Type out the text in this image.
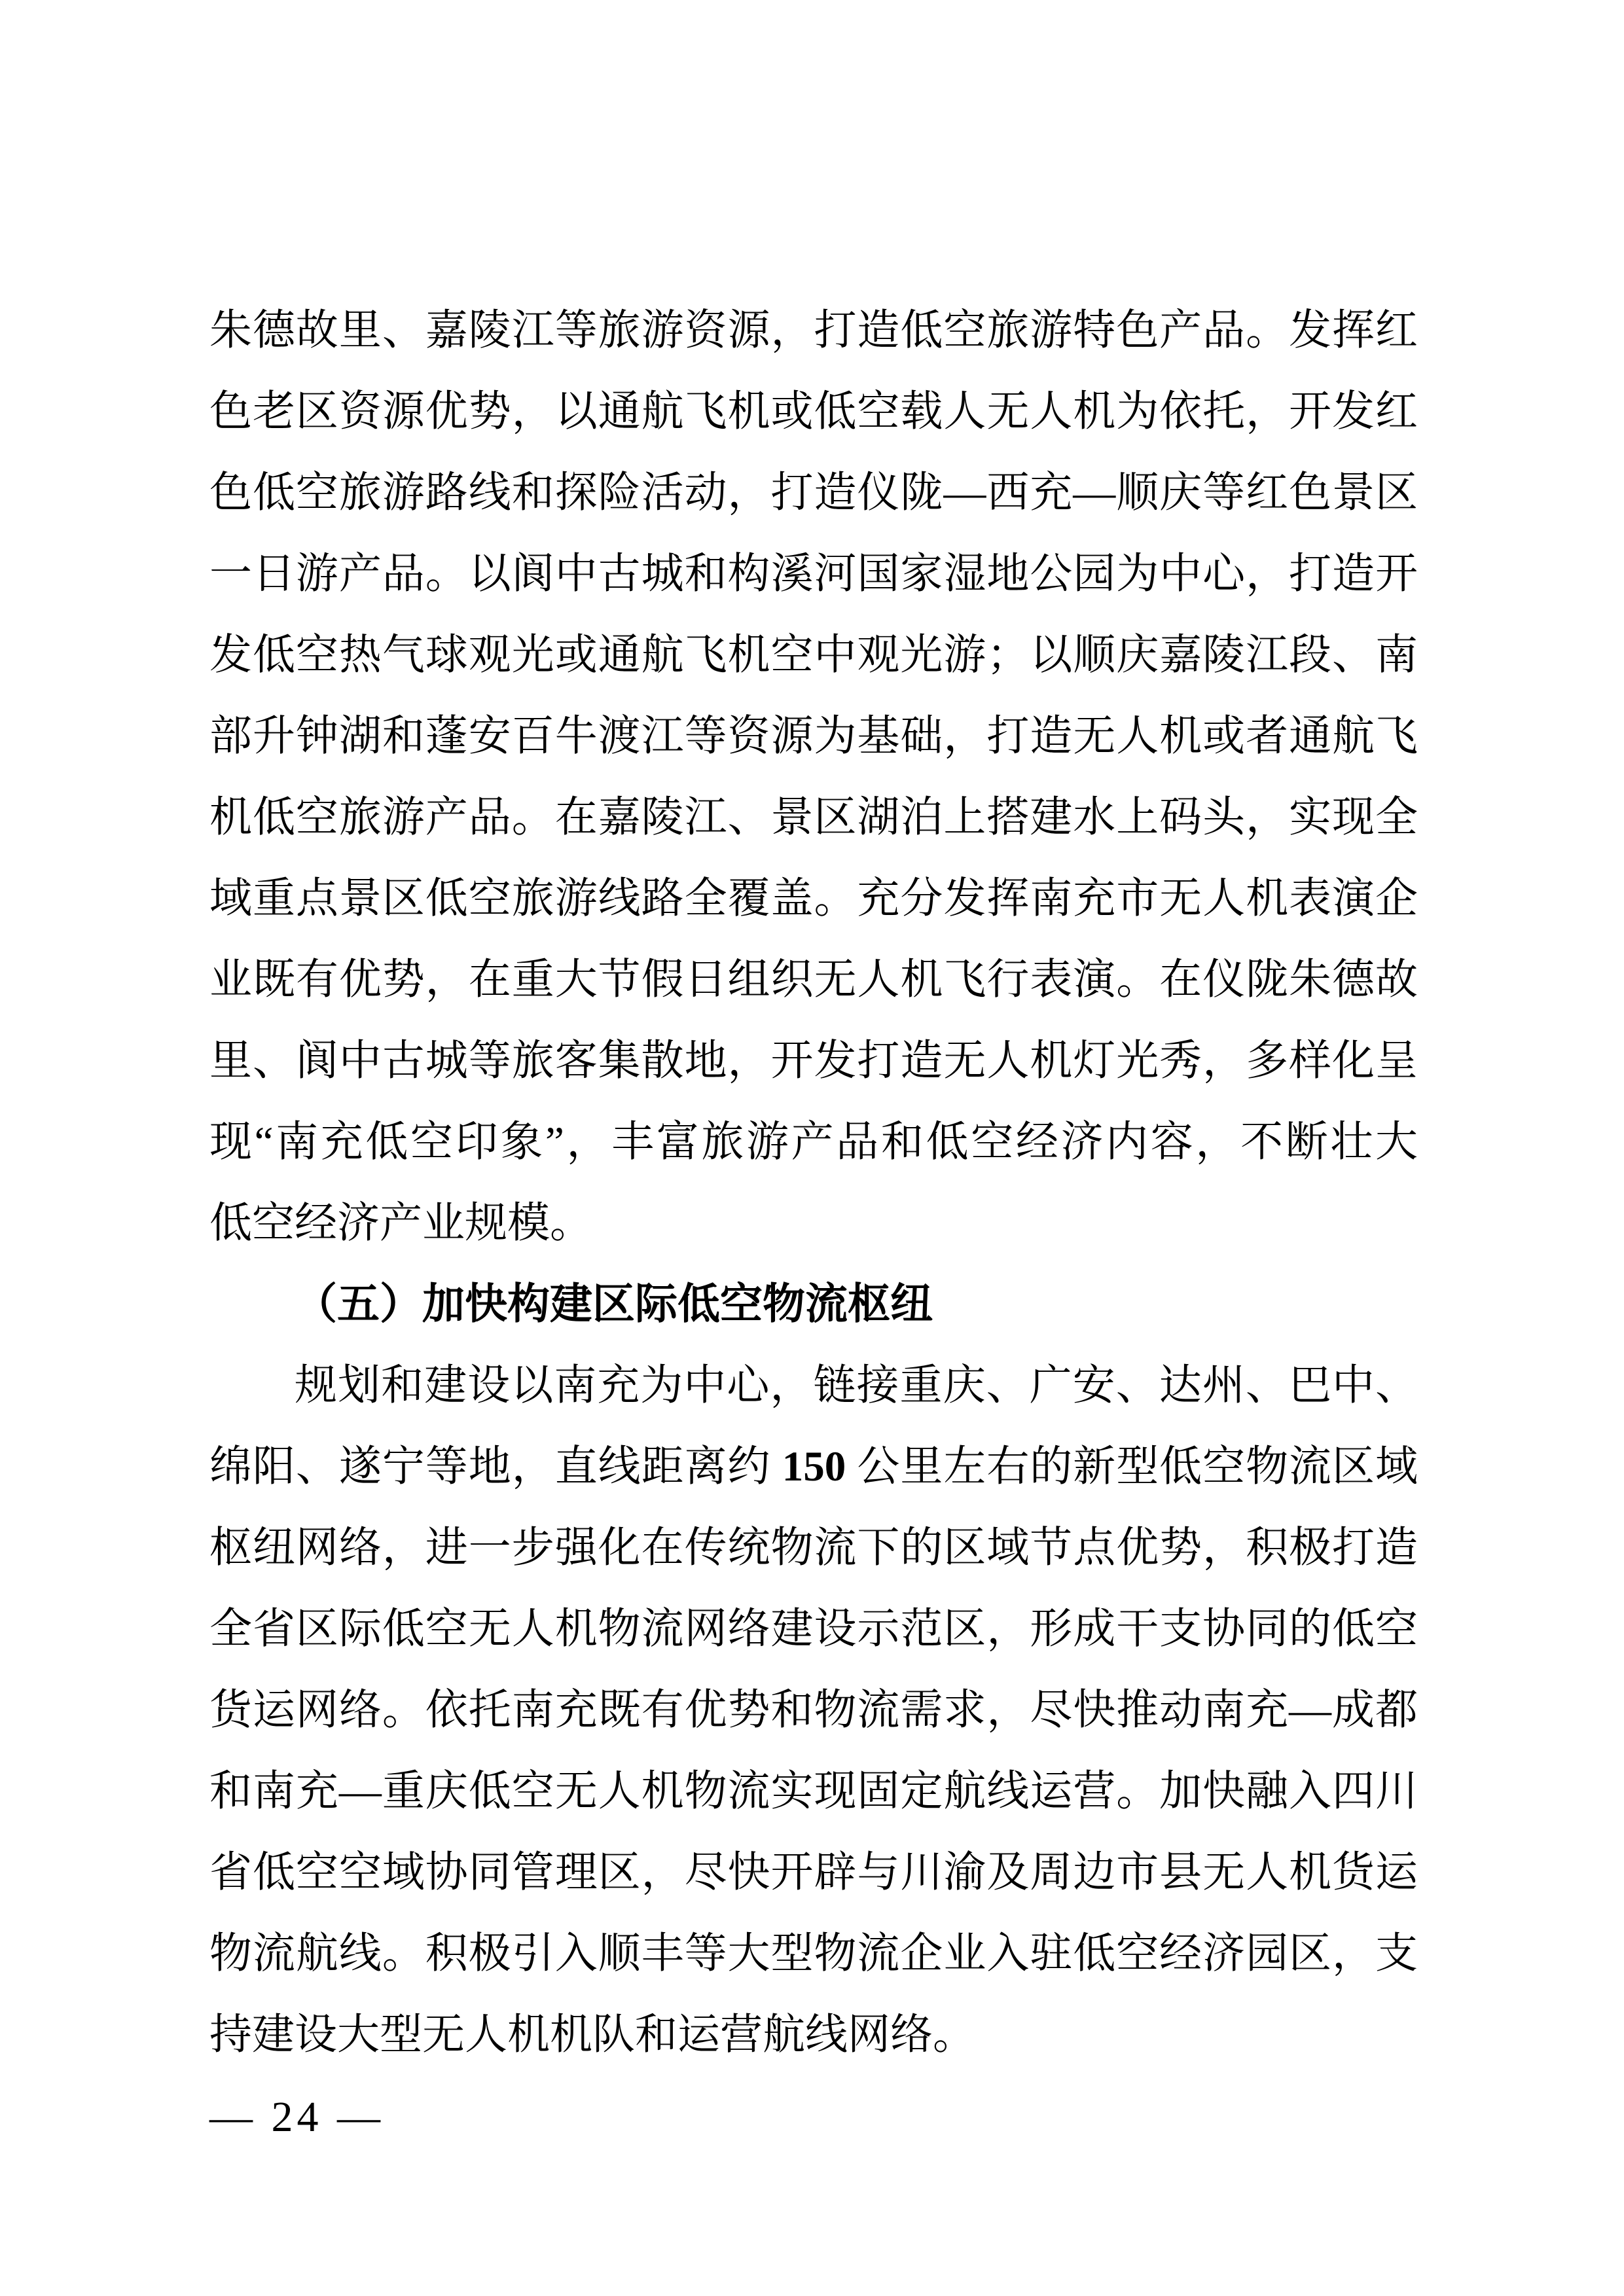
朱德故里、嘉陵江等旅游资源，打造低空旅游特色产品。发挥红
色老区资源优势，以通航飞机或低空载人无人机为依托，开发红
色低空旅游路线和探险活动，打造仪陇—西充—顺庆等红色景区
一日游产品。以阆中古城和构溪河国家湿地公园为中心，打造开
发低空热气球观光或通航飞机空中观光游；以顺庆嘉陵江段、南
部升钟湖和蓬安百牛渡江等资源为基础，打造无人机或者通航飞
机低空旅游产品。在嘉陵江、景区湖泊上搭建水上码头，实现全
域重点景区低空旅游线路全覆盖。充分发挥南充市无人机表演企
业既有优势，在重大节假日组织无人机飞行表演。在仪陇朱德故
里、阆中古城等旅客集散地，开发打造无人机灯光秀，多样化呈
现“南充低空印象”，丰富旅游产品和低空经济内容，不断壮大
低空经济产业规模。
（五）加快构建区际低空物流枢纽
规划和建设以南充为中心，链接重庆、广安、达州、巴中、
绵阳、遂宁等地，直线距离约 150 公里左右的新型低空物流区域
枢纽网络，进一步强化在传统物流下的区域节点优势，积极打造
全省区际低空无人机物流网络建设示范区，形成干支协同的低空
货运网络。依托南充既有优势和物流需求，尽快推动南充—成都
和南充—重庆低空无人机物流实现固定航线运营。加快融入四川
省低空空域协同管理区，尽快开辟与川渝及周边市县无人机货运
物流航线。积极引入顺丰等大型物流企业入驻低空经济园区，支
持建设大型无人机机队和运营航线网络。
— 24 —
